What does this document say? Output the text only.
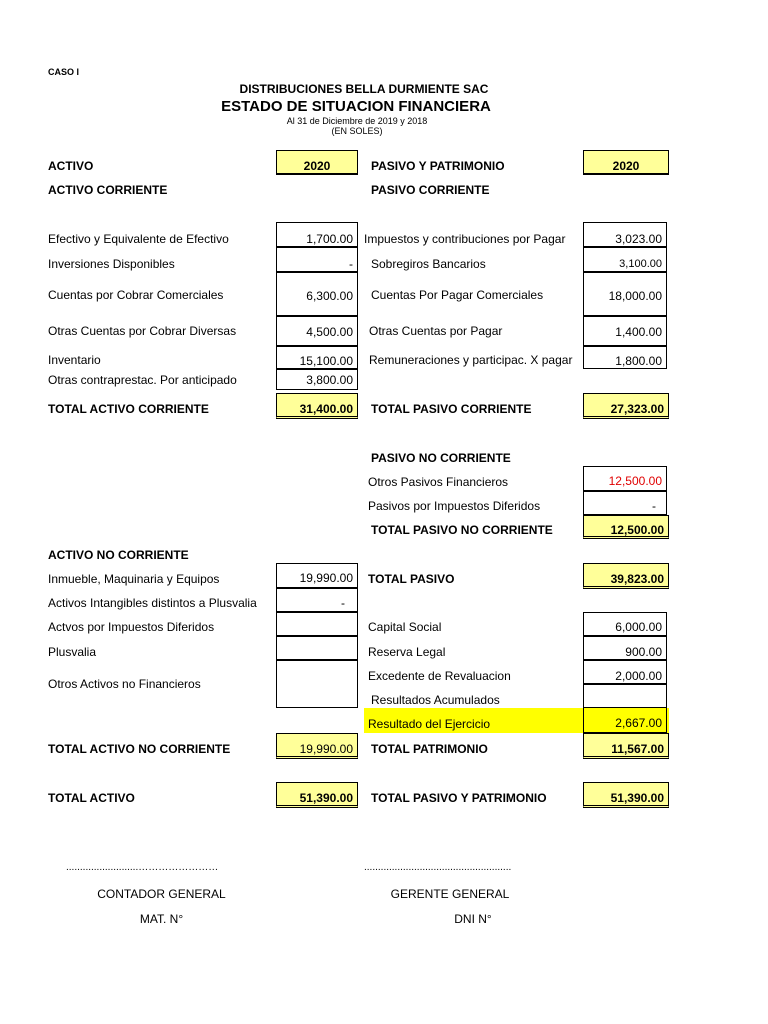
CASO I
DISTRIBUCIONES BELLA DURMIENTE SAC
ESTADO DE SITUACION FINANCIERA
Al 31 de Diciembre de 2019 y 2018
(EN SOLES)
ACTIVO	2020
ACTIVO CORRIENTE
Efectivo y Equivalente de Efectivo	1,700.00
Inversiones Disponibles	-
Cuentas por Cobrar Comerciales	6,300.00
Otras Cuentas por Cobrar Diversas	4,500.00
Inventario	15,100.00
Otras contraprestac. Por anticipado	3,800.00
TOTAL ACTIVO CORRIENTE	31,400.00
ACTIVO NO CORRIENTE
Inmueble, Maquinaria y Equipos	19,990.00
Activos Intangibles distintos a Plusvalia	-
Actvos por Impuestos Diferidos
Plusvalia
Otros Activos no Financieros
TOTAL ACTIVO NO CORRIENTE	19,990.00
TOTAL ACTIVO	51,390.00
PASIVO Y PATRIMONIO	2020
PASIVO CORRIENTE
Impuestos y contribuciones por Pagar	3,023.00
Sobregiros Bancarios	3,100.00
Cuentas Por Pagar Comerciales	18,000.00
Otras Cuentas por Pagar	1,400.00
Remuneraciones y participac. X pagar	1,800.00
TOTAL PASIVO CORRIENTE	27,323.00
PASIVO NO CORRIENTE
Otros Pasivos Financieros	12,500.00
Pasivos por Impuestos Diferidos	-
TOTAL PASIVO NO CORRIENTE	12,500.00
TOTAL PASIVO	39,823.00
Capital Social	6,000.00
Reserva Legal	900.00
Excedente de Revaluacion	2,000.00
Resultados Acumulados
Resultado del Ejercicio	2,667.00
TOTAL PATRIMONIO	11,567.00
TOTAL PASIVO Y PATRIMONIO	51,390.00
..........................……………………
CONTADOR GENERAL
MAT. N°
.....................................................
GERENTE GENERAL
DNI N°
